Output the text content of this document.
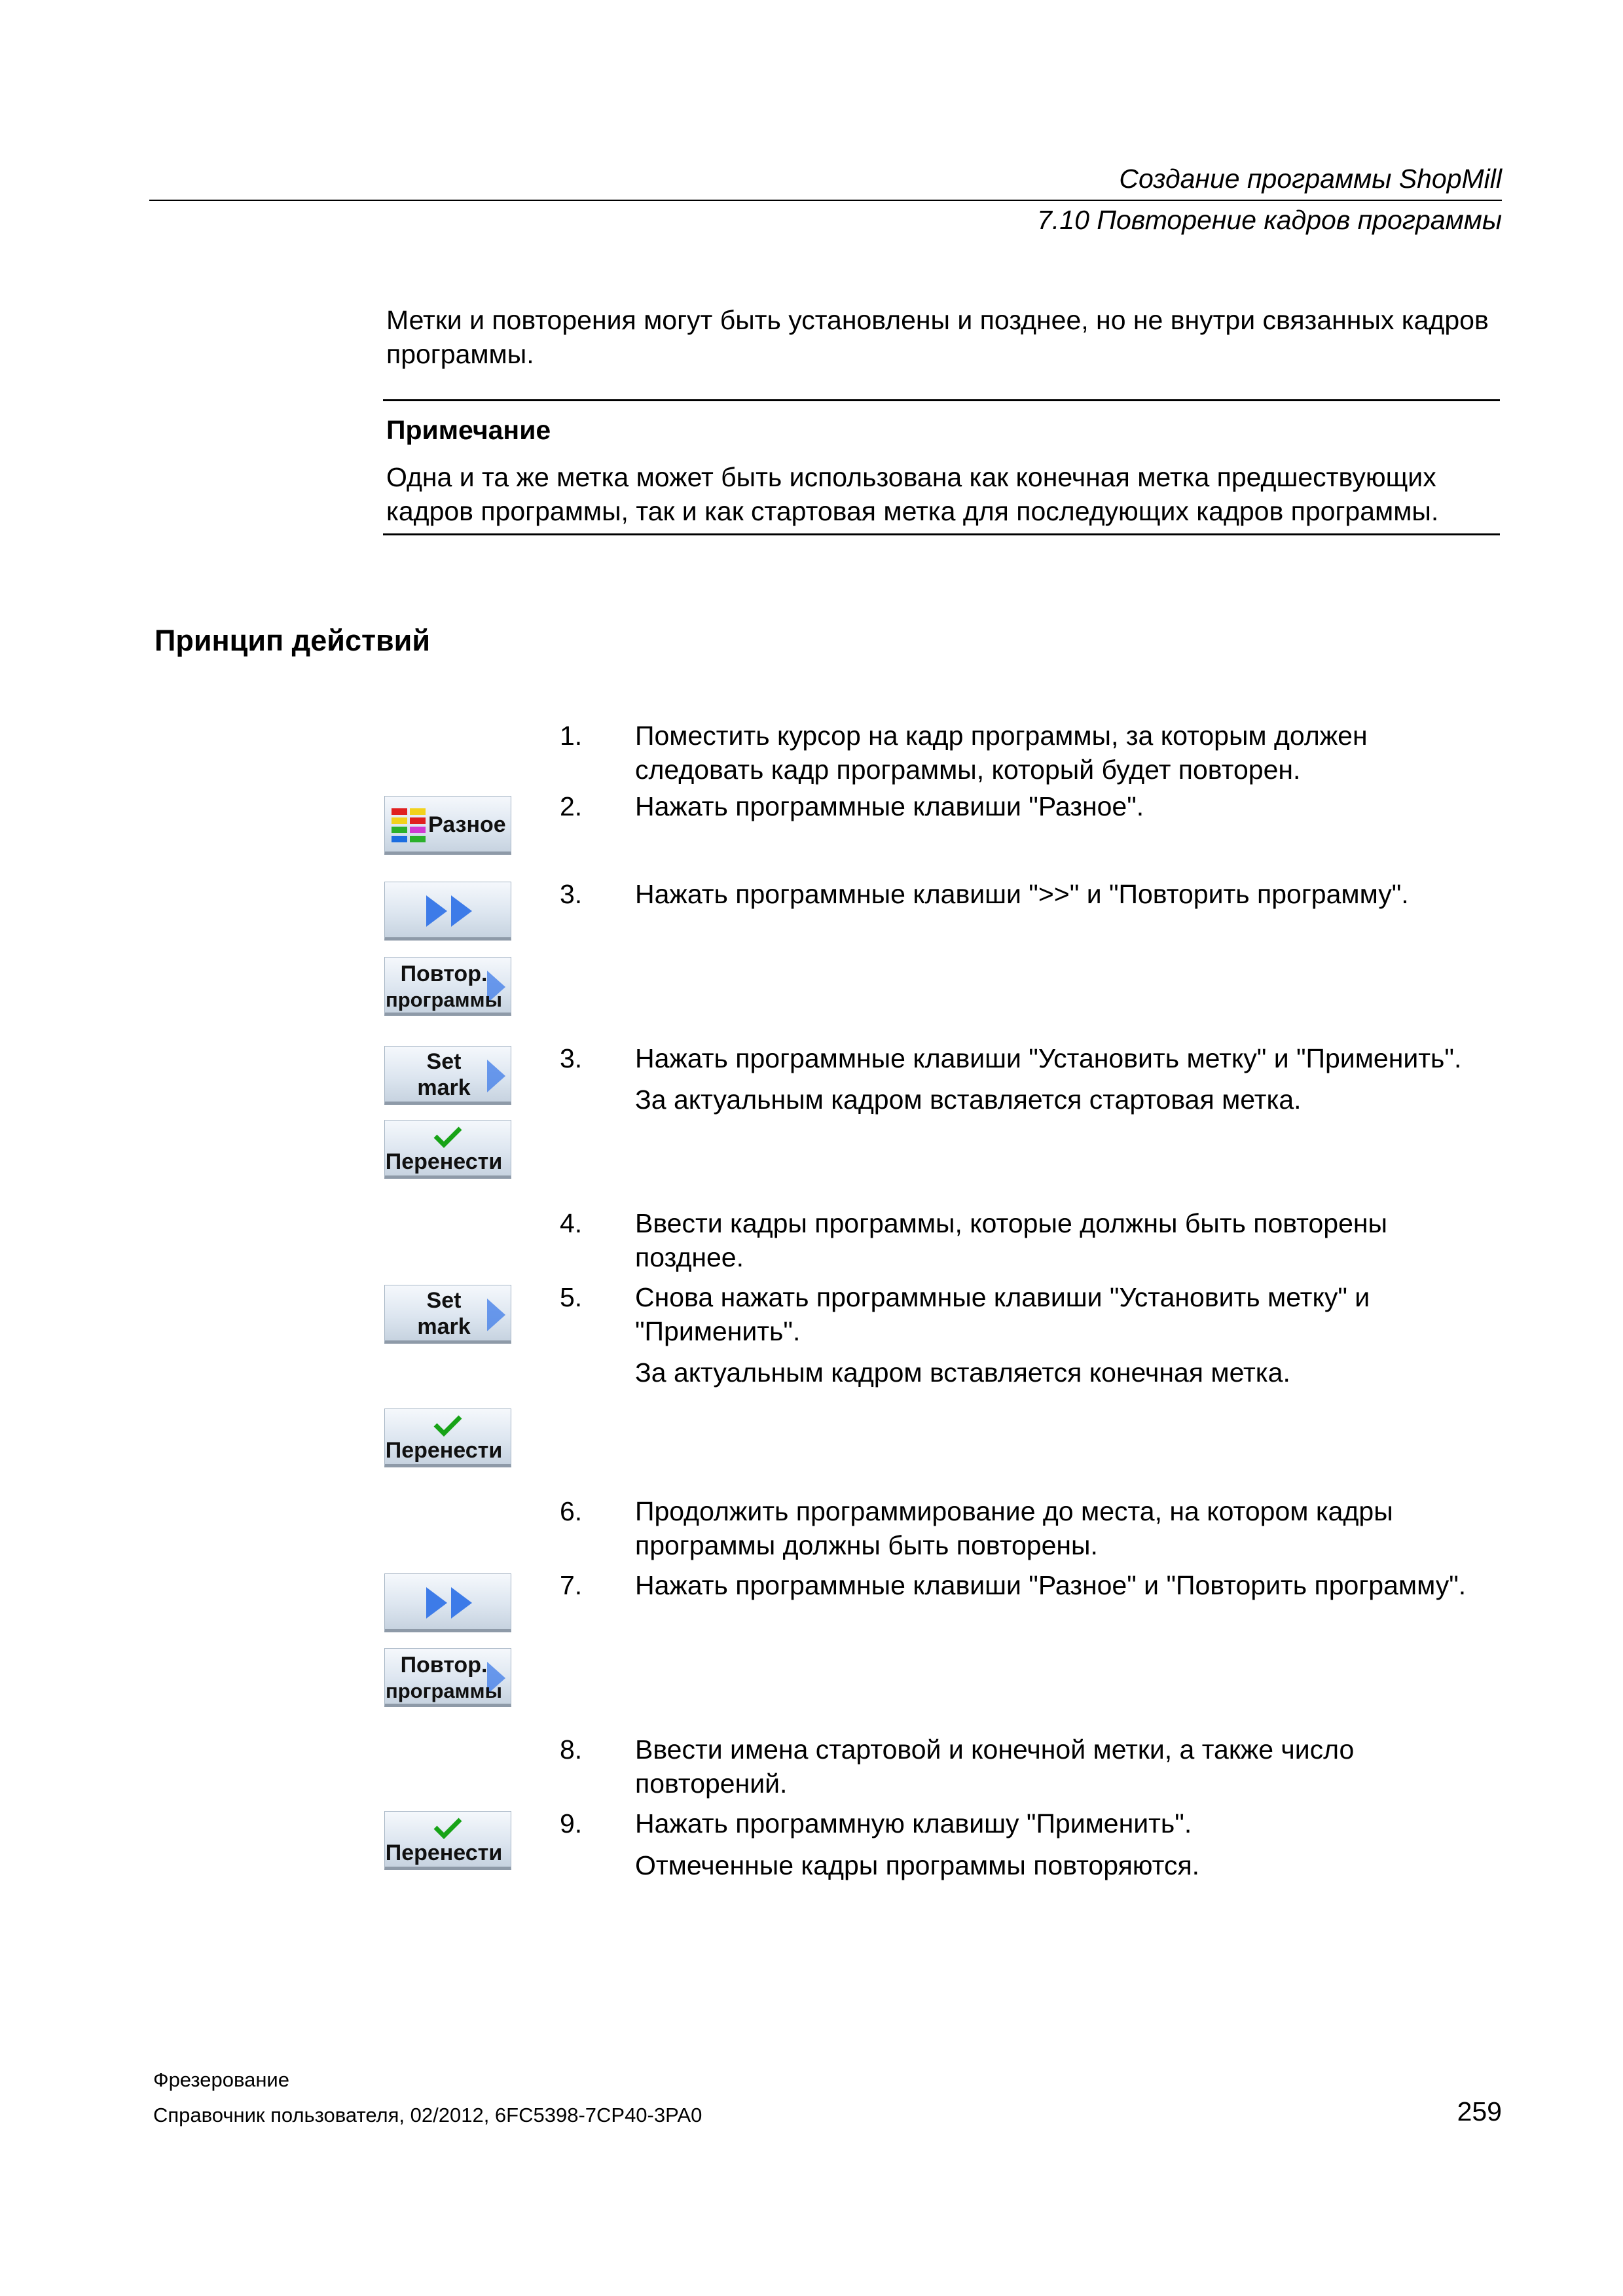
Создание программы ShopMill
7.10 Повторение кадров программы
Метки и повторения могут быть установлены и позднее, но не внутри связанных кадров программы.
Примечание
Одна и та же метка может быть использована как конечная метка предшествующих кадров программы, так и как стартовая метка для последующих кадров программы.
Принцип действий
1. Поместить курсор на кадр программы, за которым должен следовать кадр программы, который будет повторен.
2. Нажать программные клавиши "Разное".
3. Нажать программные клавиши ">>" и "Повторить программу".
3. Нажать программные клавиши "Установить метку" и "Применить".
За актуальным кадром вставляется стартовая метка.
4. Ввести кадры программы, которые должны быть повторены позднее.
5. Снова нажать программные клавиши "Установить метку" и "Применить".
За актуальным кадром вставляется конечная метка.
6. Продолжить программирование до места, на котором кадры программы должны быть повторены.
7. Нажать программные клавиши "Разное" и "Повторить программу".
8. Ввести имена стартовой и конечной метки, а также число повторений.
9. Нажать программную клавишу "Применить".
Отмеченные кадры программы повторяются.
Разное
Повтор.
программы
Set
mark
Перенести
Set
mark
Перенести
Повтор.
программы
Перенести
Фрезерование
Справочник пользователя, 02/2012, 6FC5398-7CP40-3PA0	259
